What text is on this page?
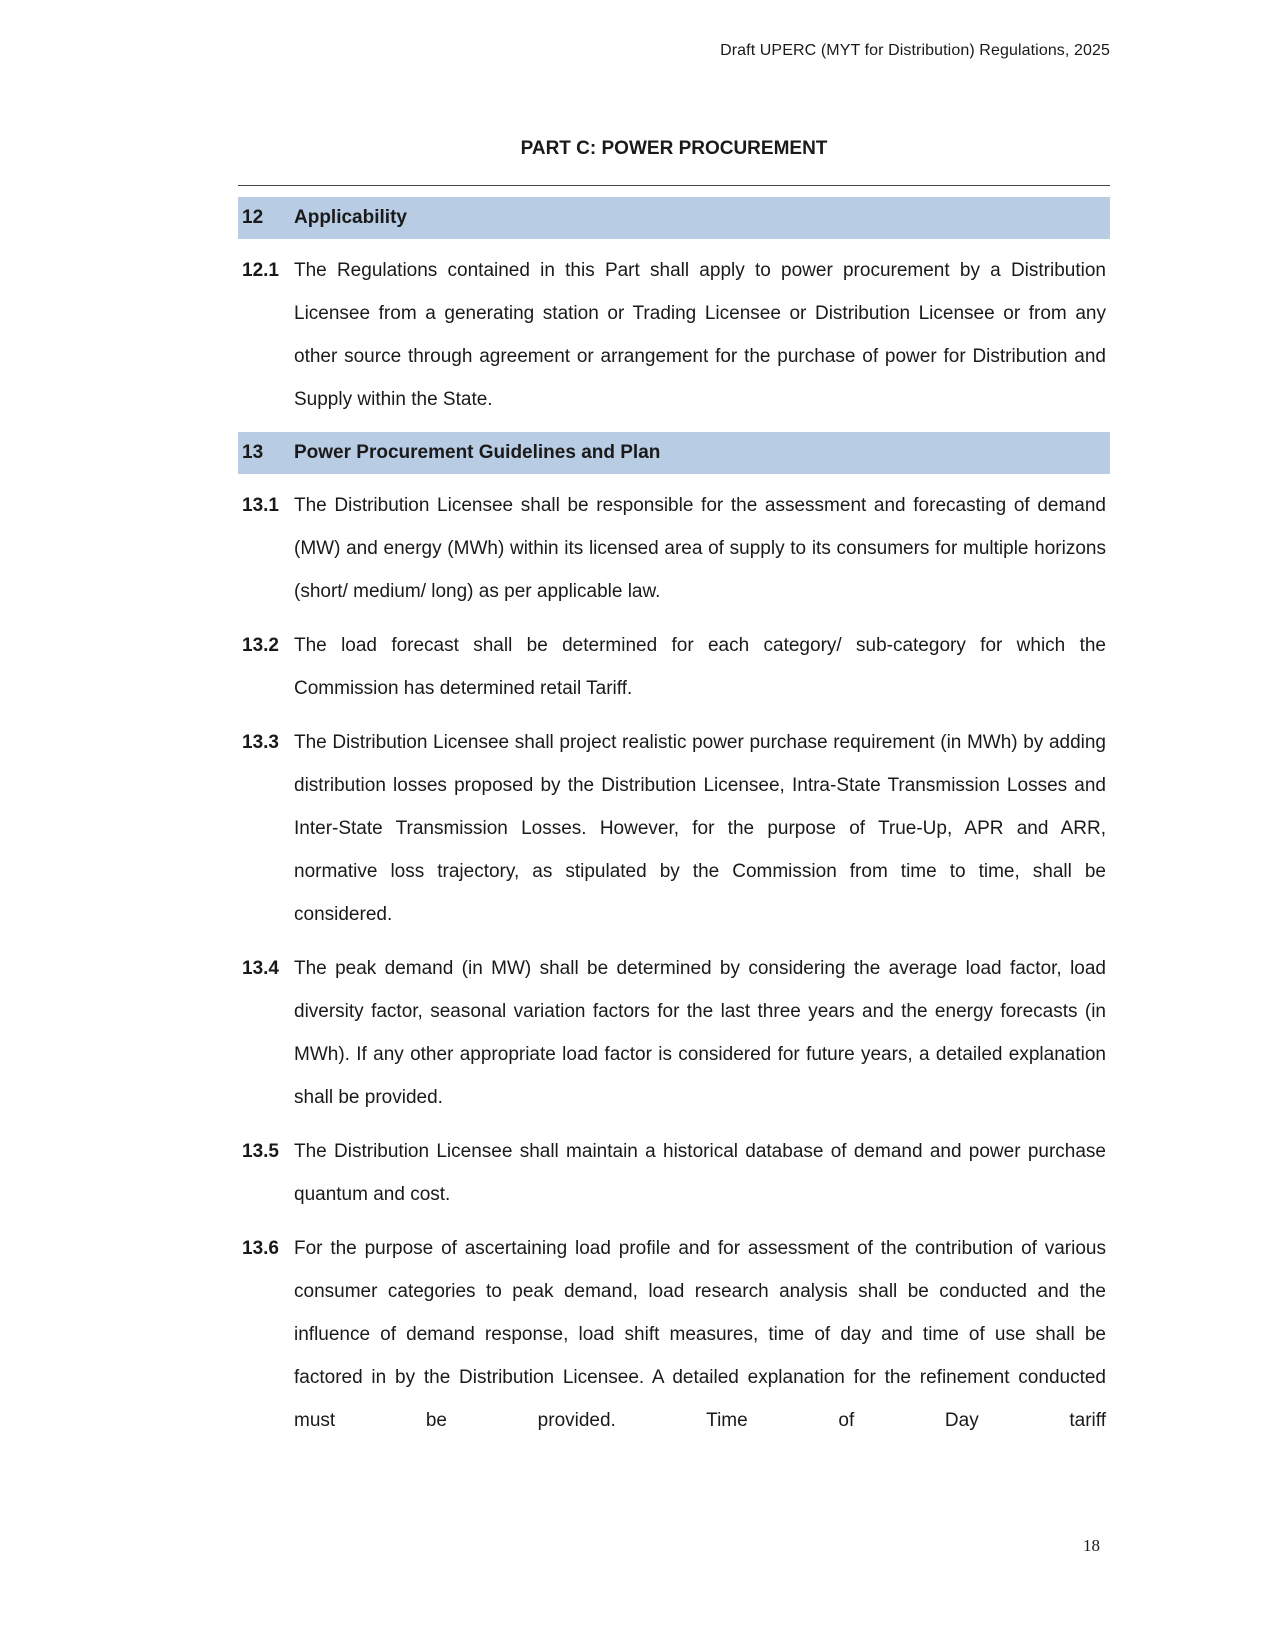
Draft UPERC (MYT for Distribution) Regulations, 2025
PART C: POWER PROCUREMENT
12	Applicability
12.1 The Regulations contained in this Part shall apply to power procurement by a Distribution Licensee from a generating station or Trading Licensee or Distribution Licensee or from any other source through agreement or arrangement for the purchase of power for Distribution and Supply within the State.
13	Power Procurement Guidelines and Plan
13.1 The Distribution Licensee shall be responsible for the assessment and forecasting of demand (MW) and energy (MWh) within its licensed area of supply to its consumers for multiple horizons (short/ medium/ long) as per applicable law.
13.2 The load forecast shall be determined for each category/ sub-category for which the Commission has determined retail Tariff.
13.3 The Distribution Licensee shall project realistic power purchase requirement (in MWh) by adding distribution losses proposed by the Distribution Licensee, Intra-State Transmission Losses and Inter-State Transmission Losses. However, for the purpose of True-Up, APR and ARR, normative loss trajectory, as stipulated by the Commission from time to time, shall be considered.
13.4 The peak demand (in MW) shall be determined by considering the average load factor, load diversity factor, seasonal variation factors for the last three years and the energy forecasts (in MWh). If any other appropriate load factor is considered for future years, a detailed explanation shall be provided.
13.5 The Distribution Licensee shall maintain a historical database of demand and power purchase quantum and cost.
13.6 For the purpose of ascertaining load profile and for assessment of the contribution of various consumer categories to peak demand, load research analysis shall be conducted and the influence of demand response, load shift measures, time of day and time of use shall be factored in by the Distribution Licensee. A detailed explanation for the refinement conducted must be provided. Time of Day tariff
18
